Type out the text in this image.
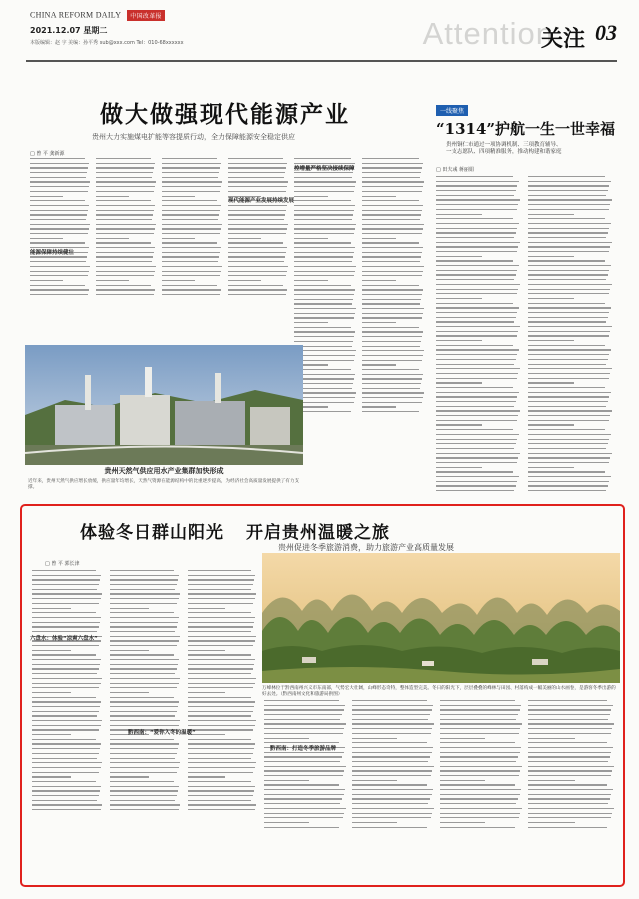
CHINA REFORM DAILY 中国改革报
2021.12.07 星期二
本版编辑：赵 宇 美编：孙平秀 sub@xxx.com Tel：010-68xxxxxx	Attention
关注 03
做大做强现代能源产业
贵州大力实施煤电扩能等容提质行动，全力保障能源安全稳定供应
□ 曾 平 龚新源
能源保障持续健壮
现代能源产业发展持续发展
控增量严格坚决接续保障
贵州天然气供应用水产业集群加快形成
近年来，贵州天然气供应增长放缓，供应量年均增长，天然气资源在能源结构中的比重逐步提高，为经济社会高质量发展提供了有力支撑。
一线聚焦
“1314”护航一生一世幸福
贵州铜仁市通过一项协调机制、三项教育辅导、
一支志愿队、四项精准服务，推动构建和谐家庭
□ 田夫彧 蒋丽娟
体验冬日群山阳光 开启贵州温暖之旅
贵州促进冬季旅游消费，助力旅游产业高质量发展
□ 曾 平 郭长津
六盘水：体验“凉爽六盘水”
黔西南：“爱你入冬的温暖”
黔西南：打造冬季旅游品牌
万峰林位于黔西南州兴义市东南部，气势宏大壮阔，山峰形态奇特，整体造型完美。冬日的阳光下，层层叠叠的峰林与田园、村落构成一幅美丽的山水画卷，是游客冬季出游的好去处。（黔西南州文化和旅游局供图）
